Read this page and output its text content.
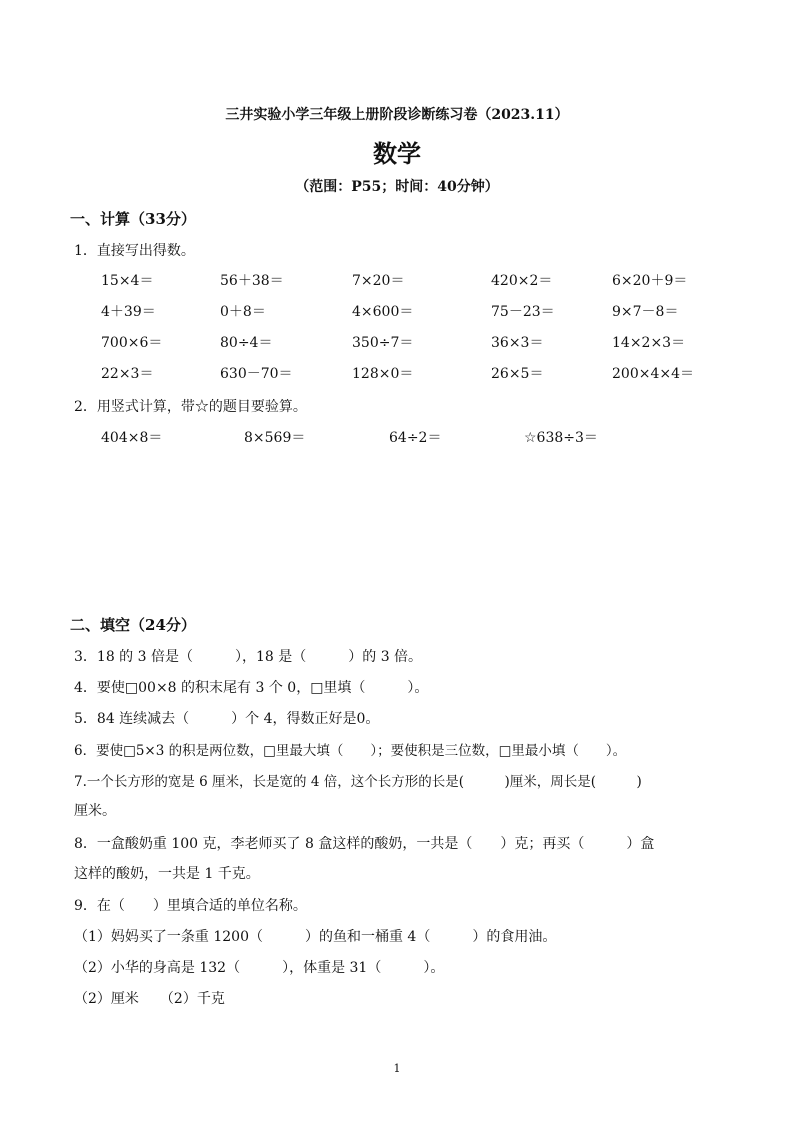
三井实验小学三年级上册阶段诊断练习卷（2023.11）
数学
（范围：P55；时间：40分钟）
一、计算（33分）
1．直接写出得数。
15×4＝	56＋38＝	7×20＝	420×2＝	6×20＋9＝
4＋39＝	0＋8＝	4×600＝	75－23＝	9×7－8＝
700×6＝	80÷4＝	350÷7＝	36×3＝	14×2×3＝
22×3＝	630－70＝	128×0＝	26×5＝	200×4×4＝
2．用竖式计算，带☆的题目要验算。
404×8＝	8×569＝	64÷2＝	☆638÷3＝
二、填空（24分）
3．18 的 3 倍是（　　　），18 是（　　　）的 3 倍。
4．要使□00×8 的积末尾有 3 个 0，□里填（　　　）。
5．84 连续减去（　　　）个 4，得数正好是0。
6．要使□5×3 的积是两位数，□里最大填（　　）；要使积是三位数，□里最小填（　　）。
7.一个长方形的宽是 6 厘米，长是宽的 4 倍，这个长方形的长是(　　　)厘米，周长是(　　　)
厘米。
8．一盒酸奶重 100 克，李老师买了 8 盒这样的酸奶，一共是（　　）克；再买（　　　）盒
这样的酸奶，一共是 1 千克。
9．在（　　）里填合适的单位名称。
（1）妈妈买了一条重 1200（　　　）的鱼和一桶重 4（　　　）的食用油。
（2）小华的身高是 132（　　　），体重是 31（　　　）。
（2）厘米　　（2）千克
1
